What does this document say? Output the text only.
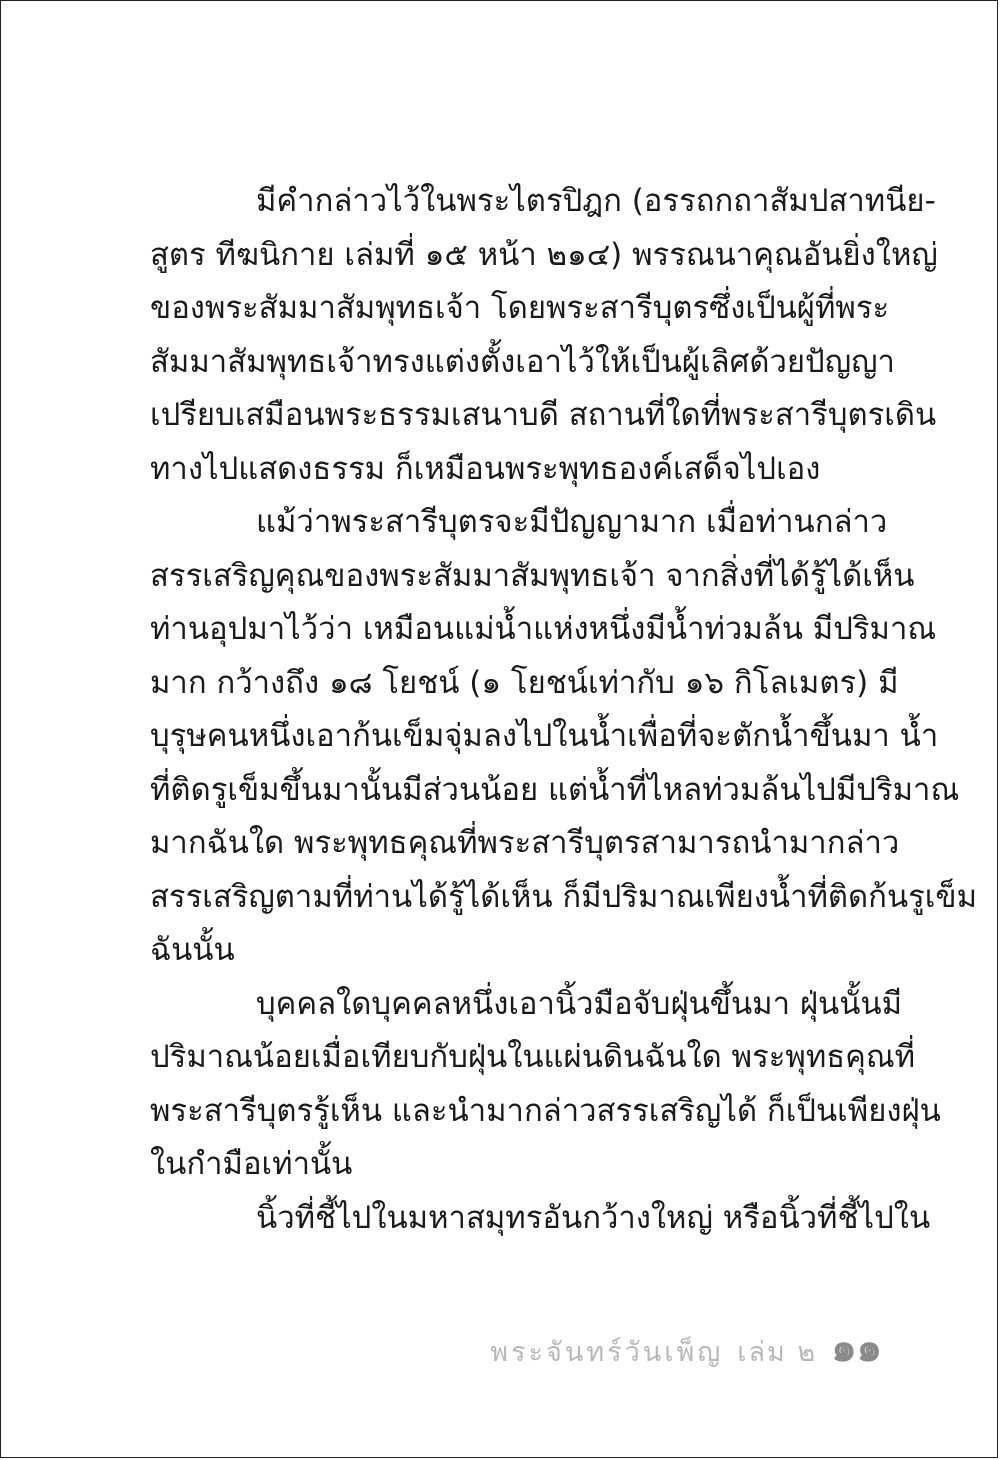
มีคำกล่าวไว้ในพระไตรปิฎก (อรรถกถาสัมปสาทนีย-
สูตร ทีฆนิกาย เล่มที่ ๑๕ หน้า ๒๑๔) พรรณนาคุณอันยิ่งใหญ่
ของพระสัมมาสัมพุทธเจ้า โดยพระสารีบุตรซึ่งเป็นผู้ที่พระ
สัมมาสัมพุทธเจ้าทรงแต่งตั้งเอาไว้ให้เป็นผู้เลิศด้วยปัญญา
เปรียบเสมือนพระธรรมเสนาบดี สถานที่ใดที่พระสารีบุตรเดิน
ทางไปแสดงธรรม ก็เหมือนพระพุทธองค์เสด็จไปเอง

แม้ว่าพระสารีบุตรจะมีปัญญามาก เมื่อท่านกล่าว
สรรเสริญคุณของพระสัมมาสัมพุทธเจ้า จากสิ่งที่ได้รู้ได้เห็น
ท่านอุปมาไว้ว่า เหมือนแม่น้ำแห่งหนึ่งมีน้ำท่วมล้น มีปริมาณ
มาก กว้างถึง ๑๘ โยชน์ (๑ โยชน์เท่ากับ ๑๖ กิโลเมตร) มี
บุรุษคนหนึ่งเอาก้นเข็มจุ่มลงไปในน้ำเพื่อที่จะตักน้ำขึ้นมา น้ำ
ที่ติดรูเข็มขึ้นมานั้นมีส่วนน้อย แต่น้ำที่ไหลท่วมล้นไปมีปริมาณ
มากฉันใด พระพุทธคุณที่พระสารีบุตรสามารถนำมากล่าว
สรรเสริญตามที่ท่านได้รู้ได้เห็น ก็มีปริมาณเพียงน้ำที่ติดก้นรูเข็ม
ฉันนั้น

บุคคลใดบุคคลหนึ่งเอานิ้วมือจับฝุ่นขึ้นมา ฝุ่นนั้นมี
ปริมาณน้อยเมื่อเทียบกับฝุ่นในแผ่นดินฉันใด พระพุทธคุณที่
พระสารีบุตรรู้เห็น และนำมากล่าวสรรเสริญได้ ก็เป็นเพียงฝุ่น
ในกำมือเท่านั้น

นิ้วที่ชี้ไปในมหาสมุทรอันกว้างใหญ่ หรือนิ้วที่ชี้ไปใน

พระจันทร์วันเพ็ญ เล่ม ๒ ๑๑
